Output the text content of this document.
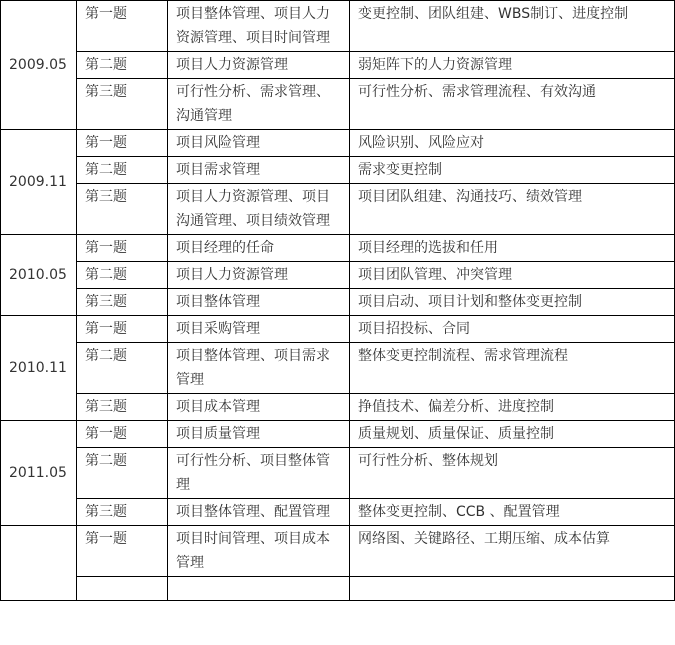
2009.05	第一题	项目整体管理、项目人力资源管理、项目时间管理	变更控制、团队组建、WBS制订、进度控制
	第二题	项目人力资源管理	弱矩阵下的人力资源管理
	第三题	可行性分析、需求管理、沟通管理	可行性分析、需求管理流程、有效沟通
2009.11	第一题	项目风险管理	风险识别、风险应对
	第二题	项目需求管理	需求变更控制
	第三题	项目人力资源管理、项目沟通管理、项目绩效管理	项目团队组建、沟通技巧、绩效管理
2010.05	第一题	项目经理的任命	项目经理的选拔和任用
	第二题	项目人力资源管理	项目团队管理、冲突管理
	第三题	项目整体管理	项目启动、项目计划和整体变更控制
2010.11	第一题	项目采购管理	项目招投标、合同
	第二题	项目整体管理、项目需求管理	整体变更控制流程、需求管理流程
	第三题	项目成本管理	挣值技术、偏差分析、进度控制
2011.05	第一题	项目质量管理	质量规划、质量保证、质量控制
	第二题	可行性分析、项目整体管理	可行性分析、整体规划
	第三题	项目整体管理、配置管理	整体变更控制、CCB 、配置管理
	第一题	项目时间管理、项目成本管理	网络图、关键路径、工期压缩、成本估算
